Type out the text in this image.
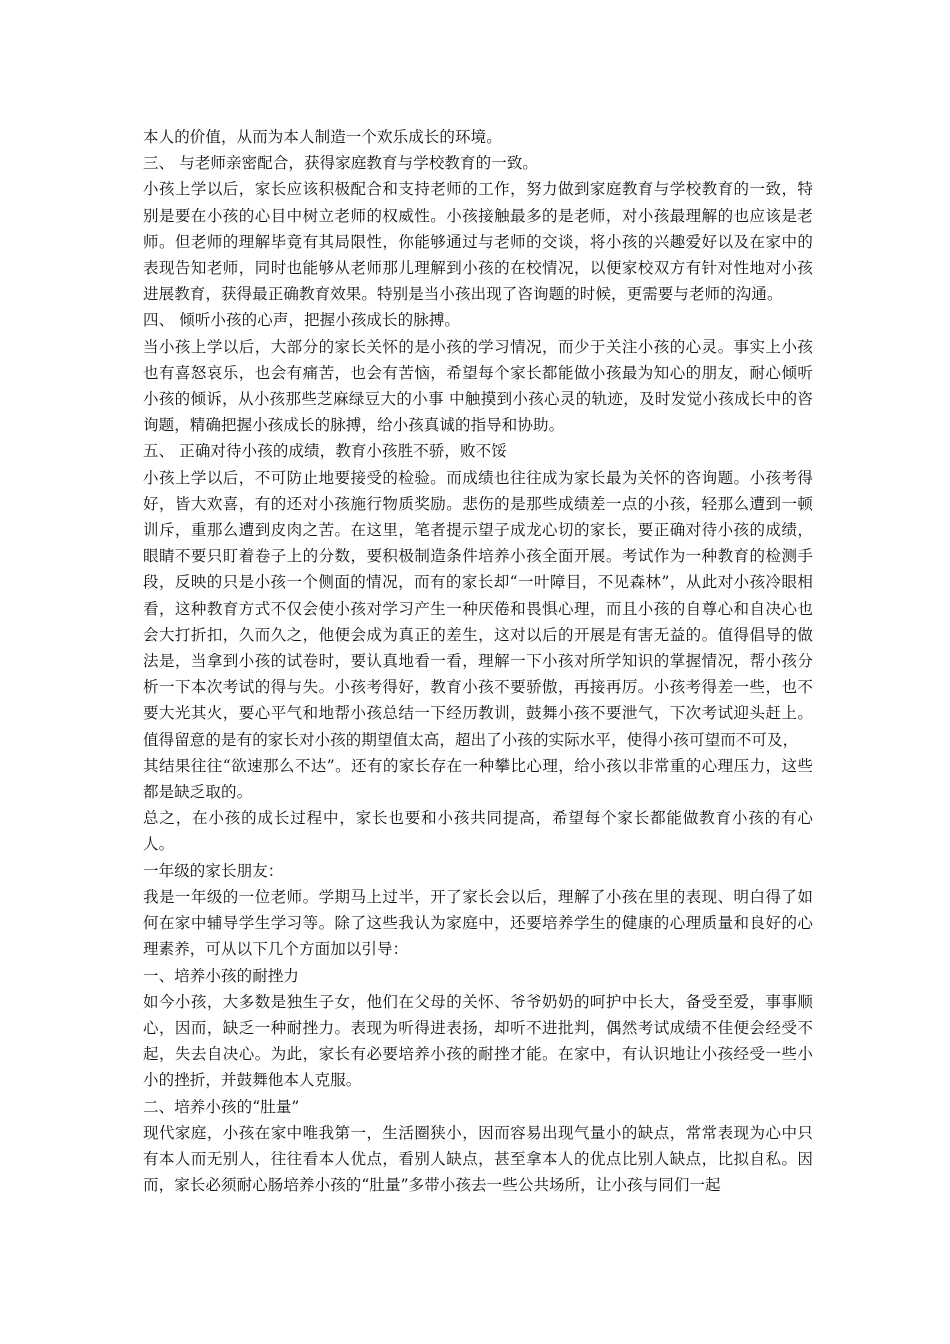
本人的价值，从而为本人制造一个欢乐成长的环境。

三、 与老师亲密配合，获得家庭教育与学校教育的一致。

小孩上学以后，家长应该积极配合和支持老师的工作，努力做到家庭教育与学校教育的一致，特别是要在小孩的心目中树立老师的权威性。小孩接触最多的是老师，对小孩最理解的也应该是老师。但老师的理解毕竟有其局限性，你能够通过与老师的交谈，将小孩的兴趣爱好以及在家中的表现告知老师，同时也能够从老师那儿理解到小孩的在校情况，以便家校双方有针对性地对小孩进展教育，获得最正确教育效果。特别是当小孩出现了咨询题的时候，更需要与老师的沟通。

四、 倾听小孩的心声，把握小孩成长的脉搏。

当小孩上学以后，大部分的家长关怀的是小孩的学习情况，而少于关注小孩的心灵。事实上小孩也有喜怒哀乐，也会有痛苦，也会有苦恼，希望每个家长都能做小孩最为知心的朋友，耐心倾听小孩的倾诉，从小孩那些芝麻绿豆大的小事 中触摸到小孩心灵的轨迹，及时发觉小孩成长中的咨询题，精确把握小孩成长的脉搏，给小孩真诚的指导和协助。

五、 正确对待小孩的成绩，教育小孩胜不骄，败不馁

小孩上学以后，不可防止地要接受的检验。而成绩也往往成为家长最为关怀的咨询题。小孩考得好，皆大欢喜，有的还对小孩施行物质奖励。悲伤的是那些成绩差一点的小孩，轻那么遭到一顿训斥，重那么遭到皮肉之苦。在这里，笔者提示望子成龙心切的家长，要正确对待小孩的成绩，眼睛不要只盯着卷子上的分数，要积极制造条件培养小孩全面开展。考试作为一种教育的检测手段，反映的只是小孩一个侧面的情况，而有的家长却“一叶障目，不见森林”，从此对小孩冷眼相看，这种教育方式不仅会使小孩对学习产生一种厌倦和畏惧心理，而且小孩的自尊心和自决心也会大打折扣，久而久之，他便会成为真正的差生，这对以后的开展是有害无益的。值得倡导的做法是，当拿到小孩的试卷时，要认真地看一看，理解一下小孩对所学知识的掌握情况，帮小孩分析一下本次考试的得与失。小孩考得好，教育小孩不要骄傲，再接再厉。小孩考得差一些，也不要大光其火，要心平气和地帮小孩总结一下经历教训，鼓舞小孩不要泄气，下次考试迎头赶上。值得留意的是有的家长对小孩的期望值太高，超出了小孩的实际水平，使得小孩可望而不可及，

其结果往往“欲速那么不达”。还有的家长存在一种攀比心理，给小孩以非常重的心理压力，这些都是缺乏取的。

总之，在小孩的成长过程中，家长也要和小孩共同提高，希望每个家长都能做教育小孩的有心人。

一年级的家长朋友：

我是一年级的一位老师。学期马上过半，开了家长会以后，理解了小孩在里的表现、明白得了如何在家中辅导学生学习等。除了这些我认为家庭中，还要培养学生的健康的心理质量和良好的心理素养，可从以下几个方面加以引导：

一、培养小孩的耐挫力

如今小孩，大多数是独生子女，他们在父母的关怀、爷爷奶奶的呵护中长大，备受至爱，事事顺心，因而，缺乏一种耐挫力。表现为听得进表扬，却听不进批判，偶然考试成绩不佳便会经受不起，失去自决心。为此，家长有必要培养小孩的耐挫才能。在家中，有认识地让小孩经受一些小小的挫折，并鼓舞他本人克服。

二、培养小孩的“肚量”

现代家庭，小孩在家中唯我第一，生活圈狭小，因而容易出现气量小的缺点，常常表现为心中只有本人而无别人，往往看本人优点，看别人缺点，甚至拿本人的优点比别人缺点，比拟自私。因而，家长必须耐心肠培养小孩的“肚量”多带小孩去一些公共场所，让小孩与同们一起
